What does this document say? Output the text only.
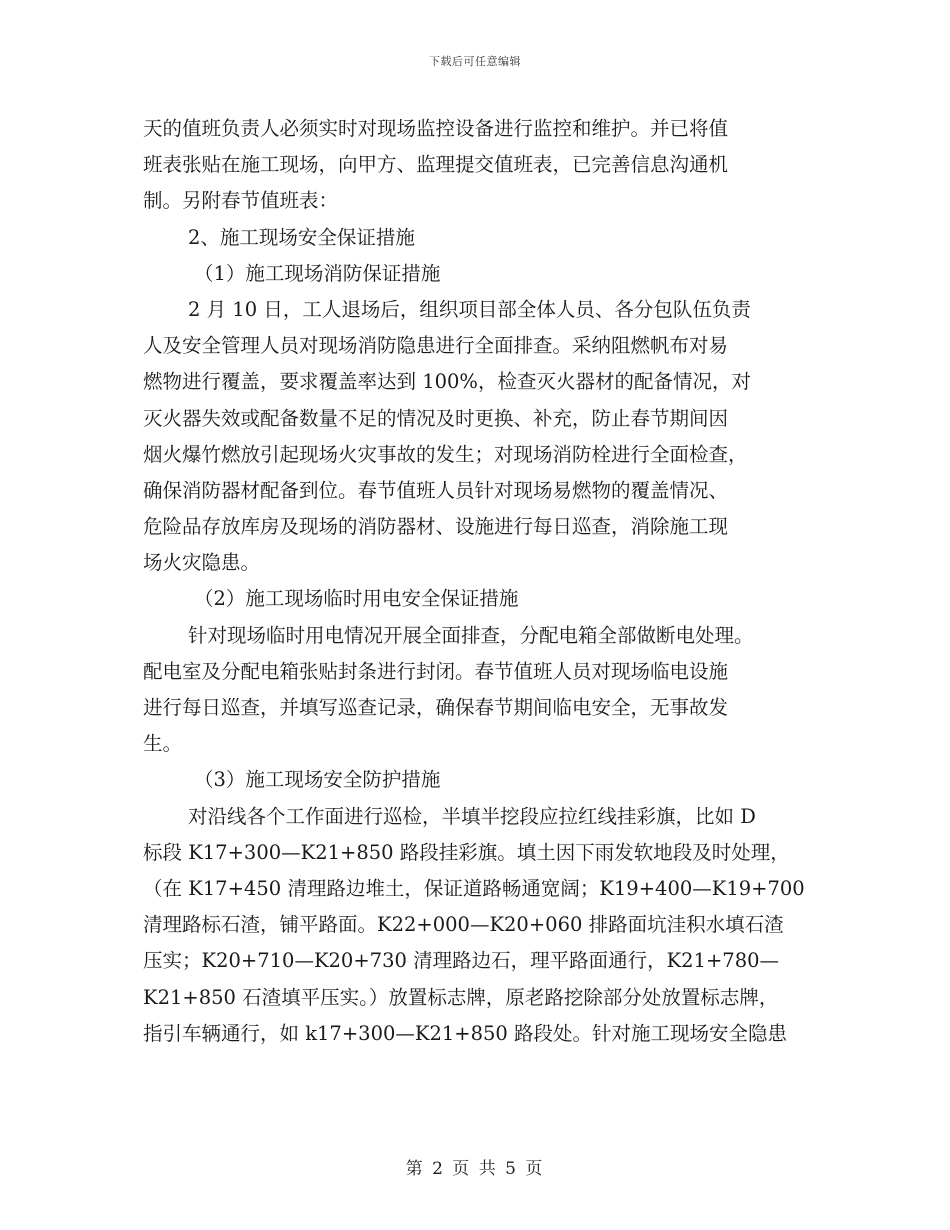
下载后可任意编辑
天的值班负责人必须实时对现场监控设备进行监控和维护。并已将值
班表张贴在施工现场，向甲方、监理提交值班表，已完善信息沟通机
制。另附春节值班表：
2、施工现场安全保证措施
（1）施工现场消防保证措施
2 月 10 日，工人退场后，组织项目部全体人员、各分包队伍负责
人及安全管理人员对现场消防隐患进行全面排查。采纳阻燃帆布对易
燃物进行覆盖，要求覆盖率达到 100%，检查灭火器材的配备情况，对
灭火器失效或配备数量不足的情况及时更换、补充，防止春节期间因
烟火爆竹燃放引起现场火灾事故的发生；对现场消防栓进行全面检查，
确保消防器材配备到位。春节值班人员针对现场易燃物的覆盖情况、
危险品存放库房及现场的消防器材、设施进行每日巡查，消除施工现
场火灾隐患。
（2）施工现场临时用电安全保证措施
针对现场临时用电情况开展全面排查，分配电箱全部做断电处理。
配电室及分配电箱张贴封条进行封闭。春节值班人员对现场临电设施
进行每日巡查，并填写巡查记录，确保春节期间临电安全，无事故发
生。
（3）施工现场安全防护措施
对沿线各个工作面进行巡检，半填半挖段应拉红线挂彩旗，比如 D
标段 K17+300—K21+850 路段挂彩旗。填土因下雨发软地段及时处理，
（在 K17+450 清理路边堆土，保证道路畅通宽阔；K19+400—K19+700
清理路标石渣，铺平路面。K22+000—K20+060 排路面坑洼积水填石渣
压实；K20+710—K20+730 清理路边石，理平路面通行，K21+780—
K21+850 石渣填平压实。）放置标志牌，原老路挖除部分处放置标志牌，
指引车辆通行，如 k17+300—K21+850 路段处。针对施工现场安全隐患
第 2 页 共 5 页
